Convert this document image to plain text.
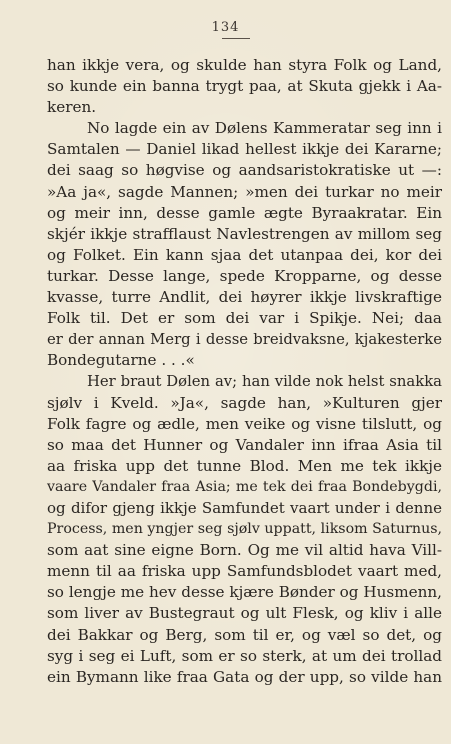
134
han ikkje vera, og skulde han styra Folk og Land,
so kunde ein banna trygt paa, at Skuta gjekk i Aa-
keren.
No lagde ein av Dølens Kammeratar seg inn i
Samtalen — Daniel likad hellest ikkje dei Kararne;
dei saag so høgvise og aandsaristokratiske ut —:
»Aa ja«, sagde Mannen; »men dei turkar no meir
og meir inn, desse gamle ægte Byraakratar. Ein
skjér ikkje strafflaust Navlestrengen av millom seg
og Folket. Ein kann sjaa det utanpaa dei, kor dei
turkar. Desse lange, spede Kropparne, og desse
kvasse, turre Andlit, dei høyrer ikkje livskraftige
Folk til. Det er som dei var i Spikje. Nei; daa
er der annan Merg i desse breidvaksne, kjakesterke
Bondegutarne . . .«
Her braut Dølen av; han vilde nok helst snakka
sjølv i Kveld. »Ja«, sagde han, »Kulturen gjer
Folk fagre og ædle, men veike og visne tilslutt, og
so maa det Hunner og Vandaler inn ifraa Asia til
aa friska upp det tunne Blod. Men me tek ikkje
vaare Vandaler fraa Asia; me tek dei fraa Bondebygdi,
og difor gjeng ikkje Samfundet vaart under i denne
Process, men yngjer seg sjølv uppatt, liksom Saturnus,
som aat sine eigne Born. Og me vil altid hava Vill-
menn til aa friska upp Samfundsblodet vaart med,
so lengje me hev desse kjære Bønder og Husmenn,
som liver av Bustegraut og ult Flesk, og kliv i alle
dei Bakkar og Berg, som til er, og væl so det, og
syg i seg ei Luft, som er so sterk, at um dei trollad
ein Bymann like fraa Gata og der upp, so vilde han
